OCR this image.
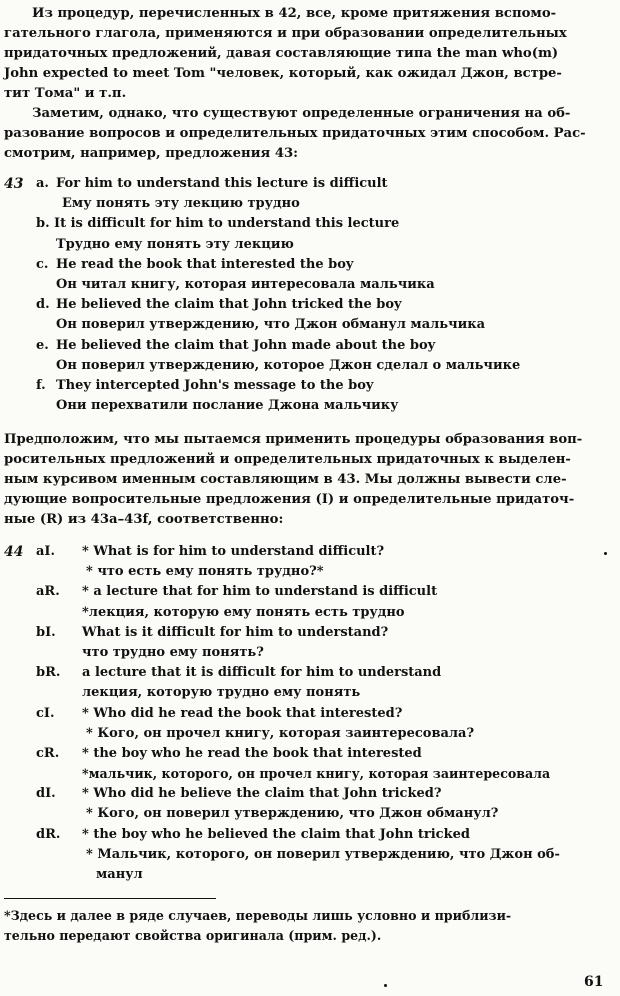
Из процедур, перечисленных в 42, все, кроме притяжения вспомо-
гательного глагола, применяются и при образовании определительных
придаточных предложений, давая составляющие типа the man who(m)
John expected to meet Tom "человек, который, как ожидал Джон, встре-
тит Тома" и т.п.
Заметим, однако, что существуют определенные ограничения на об-
разование вопросов и определительных придаточных этим способом. Рас-
смотрим, например, предложения 43:
43 a. For him to understand this lecture is difficult
Ему понять эту лекцию трудно
b. It is difficult for him to understand this lecture
Трудно ему понять эту лекцию
c. He read the book that interested the boy
Он читал книгу, которая интересовала мальчика
d. He believed the claim that John tricked the boy
Он поверил утверждению, что Джон обманул мальчика
e. He believed the claim that John made about the boy
Он поверил утверждению, которое Джон сделал о мальчике
f. They intercepted John's message to the boy
Они перехватили послание Джона мальчику
Предположим, что мы пытаемся применить процедуры образования воп-
росительных предложений и определительных придаточных к выделен-
ным курсивом именным составляющим в 43. Мы должны вывести сле-
дующие вопросительные предложения (I) и определительные придаточ-
ные (R) из 43a–43f, соответственно:
44 aI.	* What is for him to understand difficult?
* что есть ему понять трудно?*
aR.	* a lecture that for him to understand is difficult
*лекция, которую ему понять есть трудно
bI.	What is it difficult for him to understand?
что трудно ему понять?
bR.	a lecture that it is difficult for him to understand
лекция, которую трудно ему понять
cI.	* Who did he read the book that interested?
* Кого, он прочел книгу, которая заинтересовала?
cR.	* the boy who he read the book that interested
*мальчик, которого, он прочел книгу, которая заинтересовала
dI.	* Who did he believe the claim that John tricked?
* Кого, он поверил утверждению, что Джон обманул?
dR.	* the boy who he believed the claim that John tricked
* Мальчик, которого, он поверил утверждению, что Джон об-
манул
*Здесь и далее в ряде случаев, переводы лишь условно и приблизи-
тельно передают свойства оригинала (прим. ред.).
61
